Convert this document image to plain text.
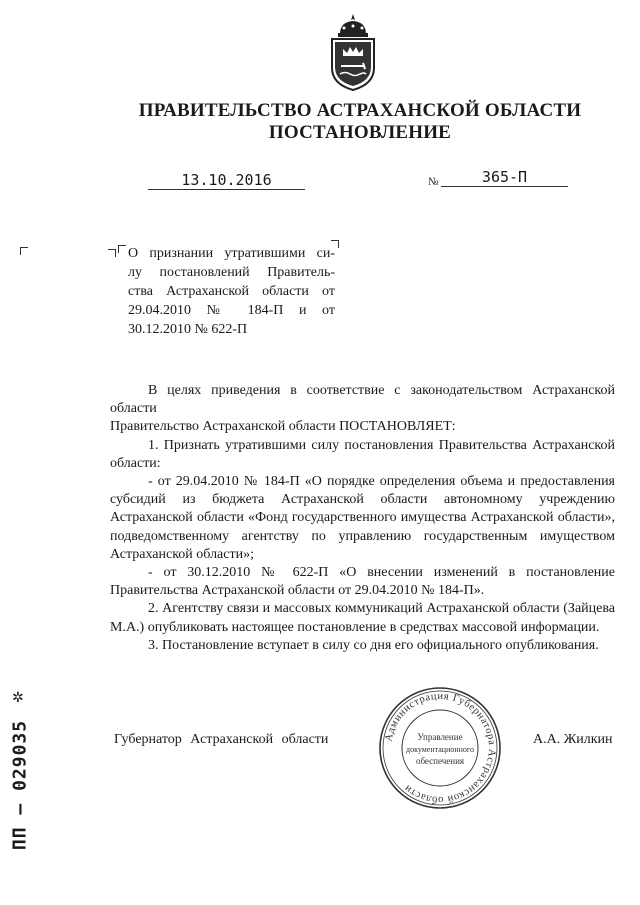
ПРАВИТЕЛЬСТВО АСТРАХАНСКОЙ ОБЛАСТИ
ПОСТАНОВЛЕНИЕ
13.10.2016	№	365-П
О признании утратившими си-
лу постановлений Правитель-
ства Астраханской области от
29.04.2010 № 184-П и от
30.12.2010 № 622-П

В целях приведения в соответствие с законодательством Астраханской области

Правительство Астраханской области ПОСТАНОВЛЯЕТ:

1. Признать утратившими силу постановления Правительства Астраханской области:

- от 29.04.2010 № 184-П «О порядке определения объема и предоставления субсидий из бюджета Астраханской области автономному учреждению Астраханской области «Фонд государственного имущества Астраханской области», подведомственному агентству по управлению государственным имуществом Астраханской области»;

- от 30.12.2010 № 622-П «О внесении изменений в постановление Правительства Астраханской области от 29.04.2010 № 184-П».

2. Агентству связи и массовых коммуникаций Астраханской области (Зайцева М.А.) опубликовать настоящее постановление в средствах массовой информации.

3. Постановление вступает в силу со дня его официального опубликования.

Губернатор Астраханской области	А.А. Жилкин
Администрация Губернатора Астраханской области
Управление
документационного
обеспечения
✲
ПП – 029035
